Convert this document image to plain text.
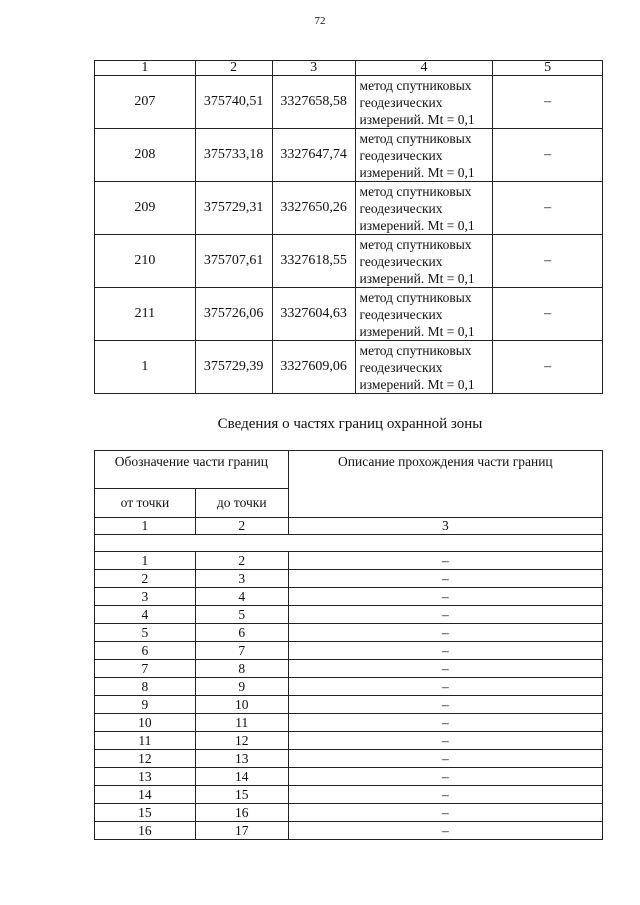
72
1	2	3	4	5
207	375740,51	3327658,58	метод спутниковых
геодезических
измерений. Mt = 0,1	–
208	375733,18	3327647,74	метод спутниковых
геодезических
измерений. Mt = 0,1	–
209	375729,31	3327650,26	метод спутниковых
геодезических
измерений. Mt = 0,1	–
210	375707,61	3327618,55	метод спутниковых
геодезических
измерений. Mt = 0,1	–
211	375726,06	3327604,63	метод спутниковых
геодезических
измерений. Mt = 0,1	–
1	375729,39	3327609,06	метод спутниковых
геодезических
измерений. Mt = 0,1	–
Сведения о частях границ охранной зоны
Обозначение части границ		Описание прохождения части границ
от точки	до точки	
1	2	3

1	2	–
2	3	–
3	4	–
4	5	–
5	6	–
6	7	–
7	8	–
8	9	–
9	10	–
10	11	–
11	12	–
12	13	–
13	14	–
14	15	–
15	16	–
16	17	–
